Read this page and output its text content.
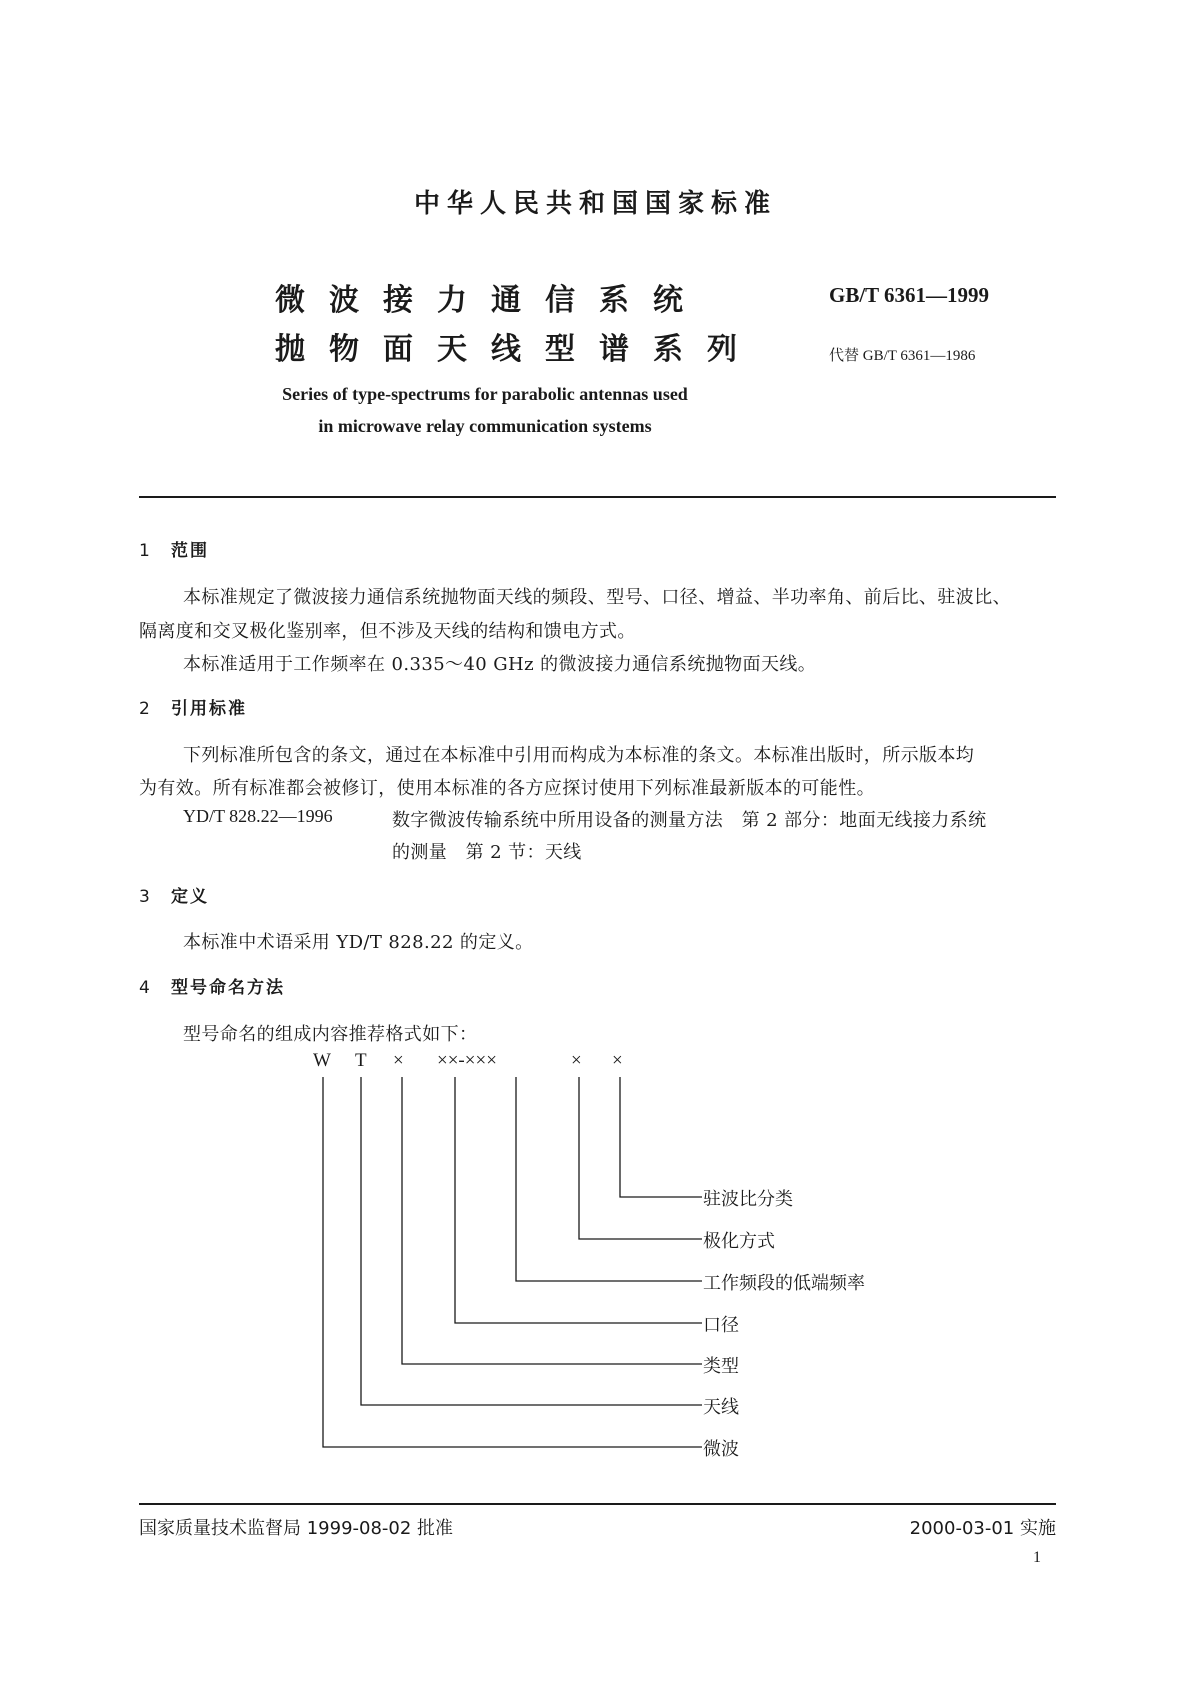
中华人民共和国国家标准
微波接力通信系统
抛物面天线型谱系列
GB/T 6361—1999
代替 GB/T 6361—1986
Series of type-spectrums for parabolic antennas used
in microwave relay communication systems
1 范围
本标准规定了微波接力通信系统抛物面天线的频段、型号、口径、增益、半功率角、前后比、驻波比、
隔离度和交叉极化鉴别率，但不涉及天线的结构和馈电方式。
本标准适用于工作频率在 0.335～40 GHz 的微波接力通信系统抛物面天线。
2 引用标准
下列标准所包含的条文，通过在本标准中引用而构成为本标准的条文。本标准出版时，所示版本均
为有效。所有标准都会被修订，使用本标准的各方应探讨使用下列标准最新版本的可能性。
YD/T 828.22—1996	数字微波传输系统中所用设备的测量方法　第 2 部分：地面无线接力系统
的测量　第 2 节：天线
3 定义
本标准中术语采用 YD/T 828.22 的定义。
4 型号命名方法
型号命名的组成内容推荐格式如下：
W T × ××-×××	× ×
驻波比分类
极化方式
工作频段的低端频率
口径
类型
天线
微波
国家质量技术监督局 1999-08-02 批准	2000-03-01 实施
1
